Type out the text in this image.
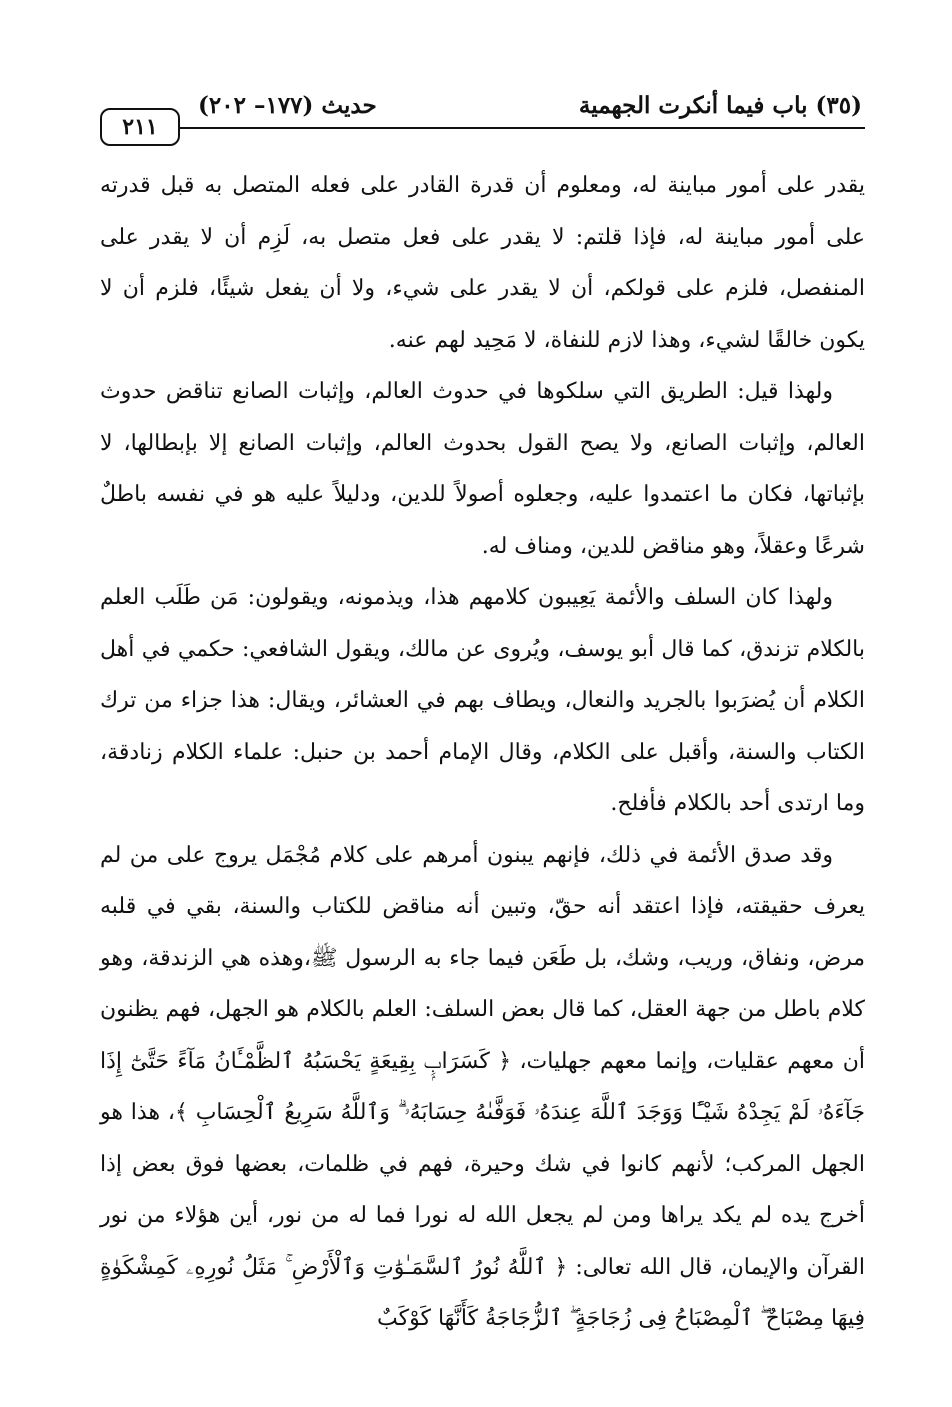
٢١١
حديث (١٧٧– ٢٠٢)	(٣٥) باب فيما أنكرت الجهمية

يقدر على أمور مباينة له، ومعلوم أن قدرة القادر على فعله المتصل به قبل قدرته على أمور مباينة له، فإذا قلتم: لا يقدر على فعل متصل به، لَزِم أن لا يقدر على المنفصل، فلزم على قولكم، أن لا يقدر على شيء، ولا أن يفعل شيئًا، فلزم أن لا يكون خالقًا لشيء، وهذا لازم للنفاة، لا مَحِيد لهم عنه.

ولهذا قيل: الطريق التي سلكوها في حدوث العالم، وإثبات الصانع تناقض حدوث العالم، وإثبات الصانع، ولا يصح القول بحدوث العالم، وإثبات الصانع إلا بإبطالها، لا بإثباتها، فكان ما اعتمدوا عليه، وجعلوه أصولاً للدين، ودليلاً عليه هو في نفسه باطلٌ شرعًا وعقلاً، وهو مناقض للدين، ومناف له.

ولهذا كان السلف والأئمة يَعِيبون كلامهم هذا، ويذمونه، ويقولون: مَن طَلَب العلم بالكلام تزندق، كما قال أبو يوسف، ويُروى عن مالك، ويقول الشافعي: حكمي في أهل الكلام أن يُضرَبوا بالجريد والنعال، ويطاف بهم في العشائر، ويقال: هذا جزاء من ترك الكتاب والسنة، وأقبل على الكلام، وقال الإمام أحمد بن حنبل: علماء الكلام زنادقة، وما ارتدى أحد بالكلام فأفلح.

وقد صدق الأئمة في ذلك، فإنهم يبنون أمرهم على كلام مُجْمَل يروج على من لم يعرف حقيقته، فإذا اعتقد أنه حقّ، وتبين أنه مناقض للكتاب والسنة، بقي في قلبه مرض، ونفاق، وريب، وشك، بل طَعَن فيما جاء به الرسول ﷺ،وهذه هي الزندقة، وهو كلام باطل من جهة العقل، كما قال بعض السلف: العلم بالكلام هو الجهل، فهم يظنون أن معهم عقليات، وإنما معهم جهليات، ﴿ كَسَرَابِۭ بِقِيعَةٍ يَحْسَبُهُ ٱلظَّمْـَٔانُ مَآءً حَتَّىٰٓ إِذَا جَآءَهُۥ لَمْ يَجِدْهُ شَيْـًٔا وَوَجَدَ ٱللَّهَ عِندَهُۥ فَوَفَّىٰهُ حِسَابَهُۥ ۗ وَٱللَّهُ سَرِيعُ ٱلْحِسَابِ ﴾، هذا هو الجهل المركب؛ لأنهم كانوا في شك وحيرة، فهم في ظلمات، بعضها فوق بعض إذا أخرج يده لم يكد يراها ومن لم يجعل الله له نورا فما له من نور، أين هؤلاء من نور القرآن والإيمان، قال الله تعالى: ﴿ ٱللَّهُ نُورُ ٱلسَّمَـٰوَٰتِ وَٱلْأَرْضِ ۚ مَثَلُ نُورِهِۦ كَمِشْكَوٰةٍ فِيهَا مِصْبَاحٌ ۖ ٱلْمِصْبَاحُ فِى زُجَاجَةٍ ۖ ٱلزُّجَاجَةُ كَأَنَّهَا كَوْكَبٌ
